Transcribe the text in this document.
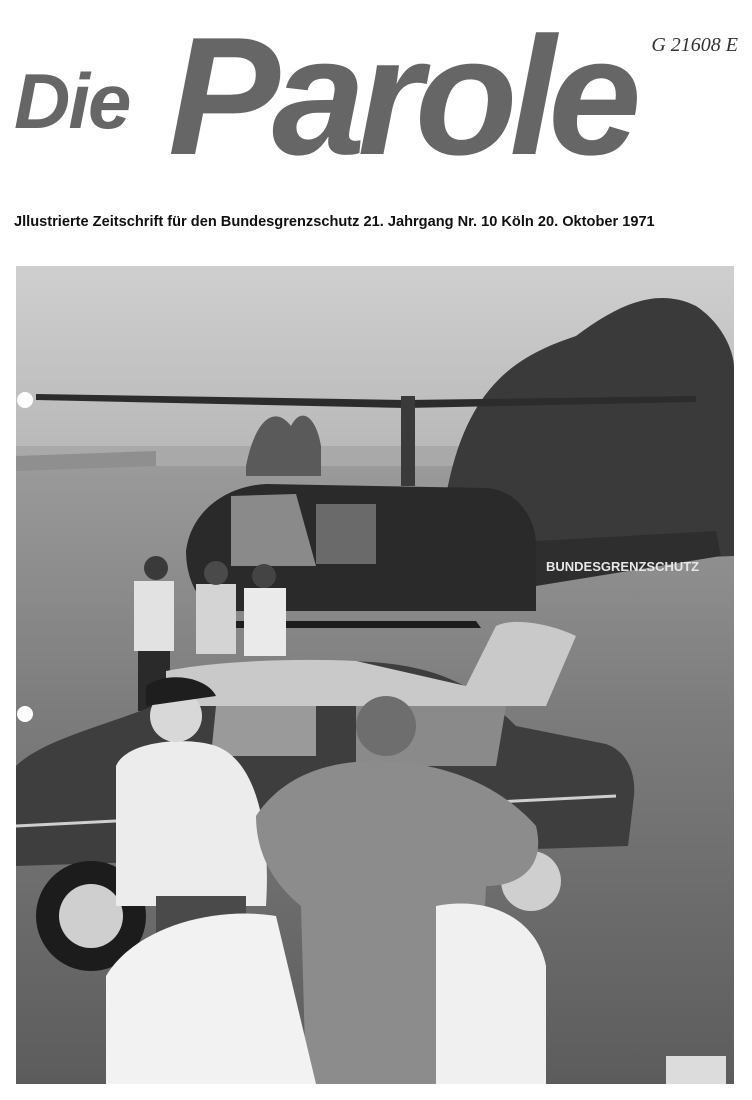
G 21608 E
Die Parole
Jllustrierte Zeitschrift für den Bundesgrenzschutz 21. Jahrgang Nr. 10 Köln 20. Oktober 1971
BUNDESGRENZSCHUTZ
